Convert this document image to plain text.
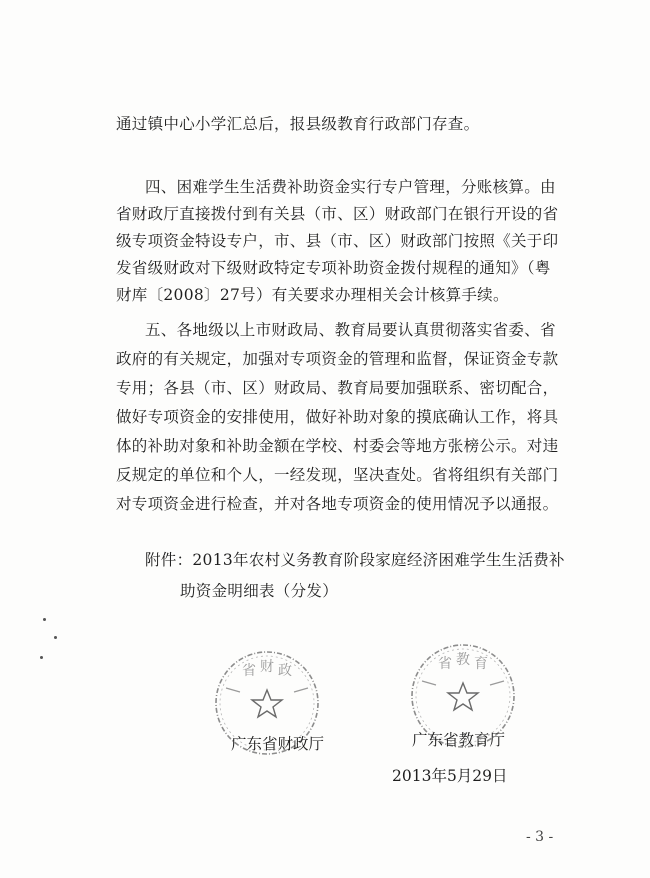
通过镇中心小学汇总后，报县级教育行政部门存查。
四、困难学生生活费补助资金实行专户管理，分账核算。由
省财政厅直接拨付到有关县（市、区）财政部门在银行开设的省
级专项资金特设专户，市、县（市、区）财政部门按照《关于印
发省级财政对下级财政特定专项补助资金拨付规程的通知》（粤
财库〔2008〕27号）有关要求办理相关会计核算手续。
五、各地级以上市财政局、教育局要认真贯彻落实省委、省
政府的有关规定，加强对专项资金的管理和监督，保证资金专款
专用；各县（市、区）财政局、教育局要加强联系、密切配合，
做好专项资金的安排使用，做好补助对象的摸底确认工作，将具
体的补助对象和补助金额在学校、村委会等地方张榜公示。对违
反规定的单位和个人，一经发现，坚决查处。省将组织有关部门
对专项资金进行检查，并对各地专项资金的使用情况予以通报。
附件：2013年农村义务教育阶段家庭经济困难学生生活费补
助资金明细表（分发）
省 财 政
广东省财政厅
省 教 育
广东省教育厅
2013年5月29日
- 3 -
